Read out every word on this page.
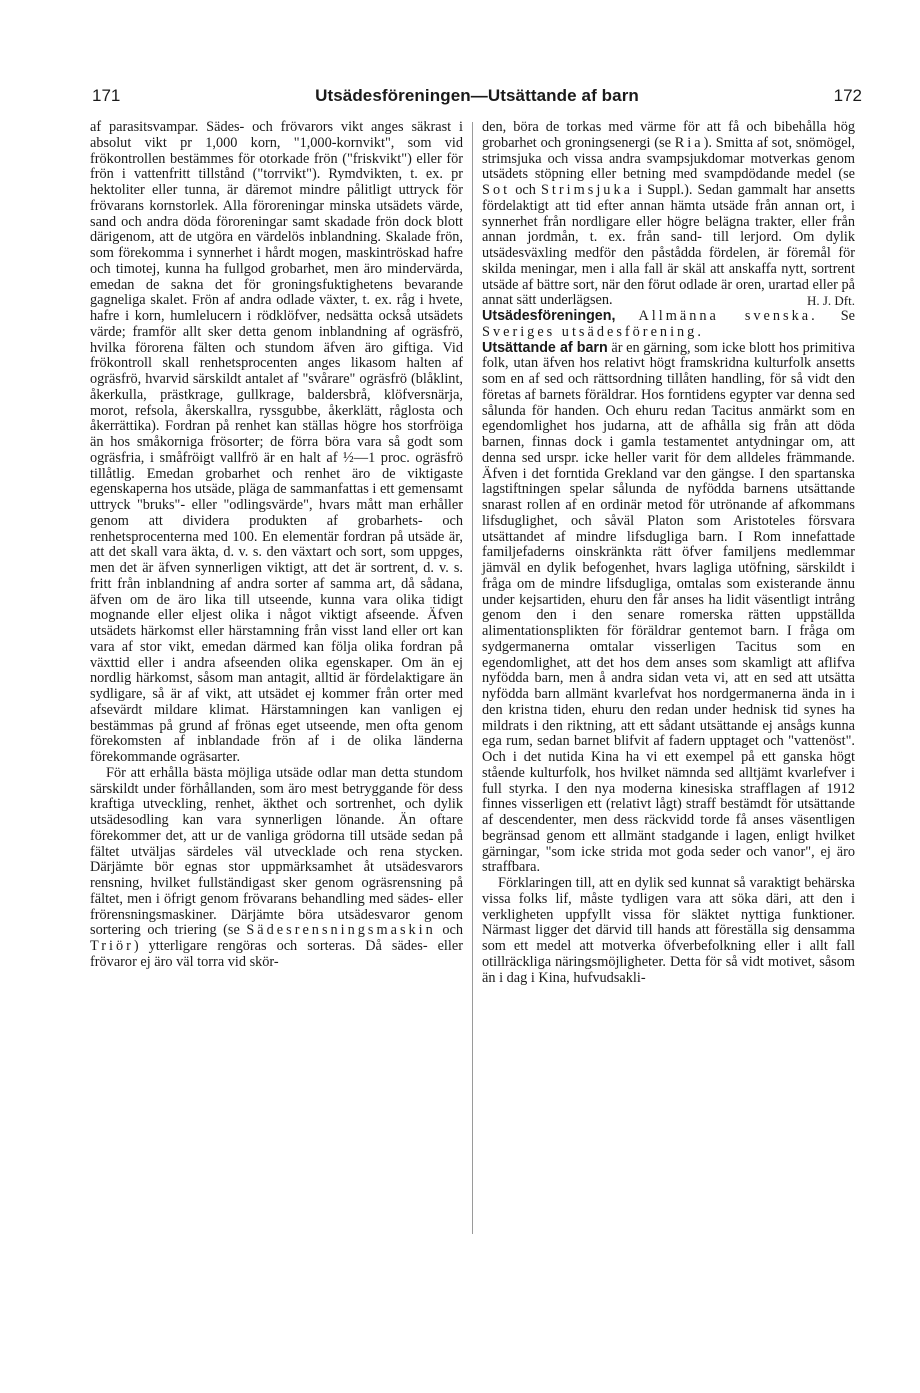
171	Utsädesföreningen—Utsättande af barn	172

af parasitsvampar. Sädes- och frövarors vikt anges säkrast i absolut vikt pr 1,000 korn, "1,000-kornvikt", som vid frökontrollen bestämmes för otorkade frön ("friskvikt") eller för frön i vattenfritt tillstånd ("torrvikt"). Rymdvikten, t. ex. pr hektoliter eller tunna, är däremot mindre pålitligt uttryck för frövarans kornstorlek. Alla föroreningar minska utsädets värde, sand och andra döda föroreningar samt skadade frön dock blott därigenom, att de utgöra en värdelös inblandning. Skalade frön, som förekomma i synnerhet i hårdt mogen, maskintröskad hafre och timotej, kunna ha fullgod grobarhet, men äro mindervärda, emedan de sakna det för groningsfuktighetens bevarande gagneliga skalet. Frön af andra odlade växter, t. ex. råg i hvete, hafre i korn, humlelucern i rödklöfver, nedsätta också utsädets värde; framför allt sker detta genom inblandning af ogräsfrö, hvilka förorena fälten och stundom äfven äro giftiga. Vid frökontroll skall renhetsprocenten anges likasom halten af ogräsfrö, hvarvid särskildt antalet af "svårare" ogräsfrö (blåklint, åkerkulla, prästkrage, gullkrage, baldersbrå, klöfversnärja, morot, refsola, åkerskallra, ryssgubbe, åkerklätt, råglosta och åkerrättika). Fordran på renhet kan ställas högre hos storfröiga än hos småkorniga frösorter; de förra böra vara så godt som ogräsfria, i småfröigt vallfrö är en halt af ½—1 proc. ogräsfrö tillåtlig. Emedan grobarhet och renhet äro de viktigaste egenskaperna hos utsäde, pläga de sammanfattas i ett gemensamt uttryck "bruks"- eller "odlingsvärde", hvars mått man erhåller genom att dividera produkten af grobarhets- och renhetsprocenterna med 100. En elementär fordran på utsäde är, att det skall vara äkta, d. v. s. den växtart och sort, som uppges, men det är äfven synnerligen viktigt, att det är sortrent, d. v. s. fritt från inblandning af andra sorter af samma art, då sådana, äfven om de äro lika till utseende, kunna vara olika tidigt mognande eller eljest olika i något viktigt afseende. Äfven utsädets härkomst eller härstamning från visst land eller ort kan vara af stor vikt, emedan därmed kan följa olika fordran på växttid eller i andra afseenden olika egenskaper. Om än ej nordlig härkomst, såsom man antagit, alltid är fördelaktigare än sydligare, så är af vikt, att utsädet ej kommer från orter med afsevärdt mildare klimat. Härstamningen kan vanligen ej bestämmas på grund af frönas eget utseende, men ofta genom förekomsten af inblandade frön af i de olika länderna förekommande ogräsarter.

För att erhålla bästa möjliga utsäde odlar man detta stundom särskildt under förhållanden, som äro mest betryggande för dess kraftiga utveckling, renhet, äkthet och sortrenhet, och dylik utsädesodling kan vara synnerligen lönande. Än oftare förekommer det, att ur de vanliga grödorna till utsäde sedan på fältet utväljas särdeles väl utvecklade och rena stycken. Därjämte bör egnas stor uppmärksamhet åt utsädesvarors rensning, hvilket fullständigast sker genom ogräsrensning på fältet, men i öfrigt genom frövarans behandling med sädes- eller frörensningsmaskiner. Därjämte böra utsädesvaror genom sortering och triering (se Sädesrensningsmaskin och Triör) ytterligare rengöras och sorteras. Då sädes- eller frövaror ej äro väl torra vid skör-

den, böra de torkas med värme för att få och bibehålla hög grobarhet och groningsenergi (se Ria). Smitta af sot, snömögel, strimsjuka och vissa andra svampsjukdomar motverkas genom utsädets stöpning eller betning med svampdödande medel (se Sot och Strimsjuka i Suppl.). Sedan gammalt har ansetts fördelaktigt att tid efter annan hämta utsäde från annan ort, i synnerhet från nordligare eller högre belägna trakter, eller från annan jordmån, t. ex. från sand- till lerjord. Om dylik utsädesväxling medför den påstådda fördelen, är föremål för skilda meningar, men i alla fall är skäl att anskaffa nytt, sortrent utsäde af bättre sort, när den förut odlade är oren, urartad eller på annat sätt underlägsen.	H. J. Dft.

Utsädesföreningen, Allmänna svenska. Se Sveriges utsädesförening.

Utsättande af barn är en gärning, som icke blott hos primitiva folk, utan äfven hos relativt högt framskridna kulturfolk ansetts som en af sed och rättsordning tillåten handling, för så vidt den företas af barnets föräldrar. Hos forntidens egypter var denna sed sålunda för handen. Och ehuru redan Tacitus anmärkt som en egendomlighet hos judarna, att de afhålla sig från att döda barnen, finnas dock i gamla testamentet antydningar om, att denna sed urspr. icke heller varit för dem alldeles främmande. Äfven i det forntida Grekland var den gängse. I den spartanska lagstiftningen spelar sålunda de nyfödda barnens utsättande snarast rollen af en ordinär metod för utrönande af afkommans lifsduglighet, och såväl Platon som Aristoteles försvara utsättandet af mindre lifsdugliga barn. I Rom innefattade familjefaderns oinskränkta rätt öfver familjens medlemmar jämväl en dylik befogenhet, hvars lagliga utöfning, särskildt i fråga om de mindre lifsdugliga, omtalas som existerande ännu under kejsartiden, ehuru den får anses ha lidit väsentligt intrång genom den i den senare romerska rätten uppställda alimentationsplikten för föräldrar gentemot barn. I fråga om sydgermanerna omtalar visserligen Tacitus som en egendomlighet, att det hos dem anses som skamligt att aflifva nyfödda barn, men å andra sidan veta vi, att en sed att utsätta nyfödda barn allmänt kvarlefvat hos nordgermanerna ända in i den kristna tiden, ehuru den redan under hednisk tid synes ha mildrats i den riktning, att ett sådant utsättande ej ansågs kunna ega rum, sedan barnet blifvit af fadern upptaget och "vattenöst". Och i det nutida Kina ha vi ett exempel på ett ganska högt stående kulturfolk, hos hvilket nämnda sed alltjämt kvarlefver i full styrka. I den nya moderna kinesiska strafflagen af 1912 finnes visserligen ett (relativt lågt) straff bestämdt för utsättande af descendenter, men dess räckvidd torde få anses väsentligen begränsad genom ett allmänt stadgande i lagen, enligt hvilket gärningar, "som icke strida mot goda seder och vanor", ej äro straffbara.

Förklaringen till, att en dylik sed kunnat så varaktigt behärska vissa folks lif, måste tydligen vara att söka däri, att den i verkligheten uppfyllt vissa för släktet nyttiga funktioner. Närmast ligger det därvid till hands att föreställa sig densamma som ett medel att motverka öfverbefolkning eller i allt fall otillräckliga näringsmöjligheter. Detta för så vidt motivet, såsom än i dag i Kina, hufvudsakli-
